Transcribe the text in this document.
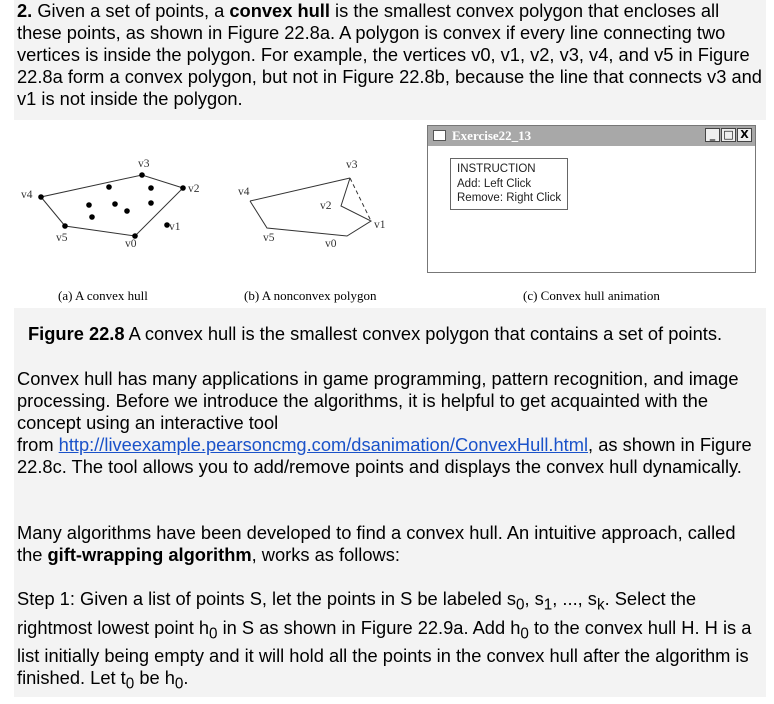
2. Given a set of points, a convex hull is the smallest convex polygon that encloses all these points, as shown in Figure 22.8a. A polygon is convex if every line connecting two vertices is inside the polygon. For example, the vertices v0, v1, v2, v3, v4, and v5 in Figure 22.8a form a convex polygon, but not in Figure 22.8b, because the line that connects v3 and v1 is not inside the polygon.

v3
v4	v2
v1
v5	v0
v3
v4
v2
v1
v5	v0
Exercise22_13	_ □ X
INSTRUCTION
Add: Left Click
Remove: Right Click
(a) A convex hull	(b) A nonconvex polygon	(c) Convex hull animation
Figure 22.8 A convex hull is the smallest convex polygon that contains a set of points.

Convex hull has many applications in game programming, pattern recognition, and image processing. Before we introduce the algorithms, it is helpful to get acquainted with the concept using an interactive tool
from http://liveexample.pearsoncmg.com/dsanimation/ConvexHull.html, as shown in Figure 22.8c. The tool allows you to add/remove points and displays the convex hull dynamically.

Many algorithms have been developed to find a convex hull. An intuitive approach, called the gift-wrapping algorithm, works as follows:

Step 1: Given a list of points S, let the points in S be labeled $s_0$, $s_1$, ..., $s_k$. Select the rightmost lowest point $h_0$ in S as shown in Figure 22.9a. Add $h_0$ to the convex hull H. H is a list initially being empty and it will hold all the points in the convex hull after the algorithm is finished. Let $t_0$ be $h_0$.
